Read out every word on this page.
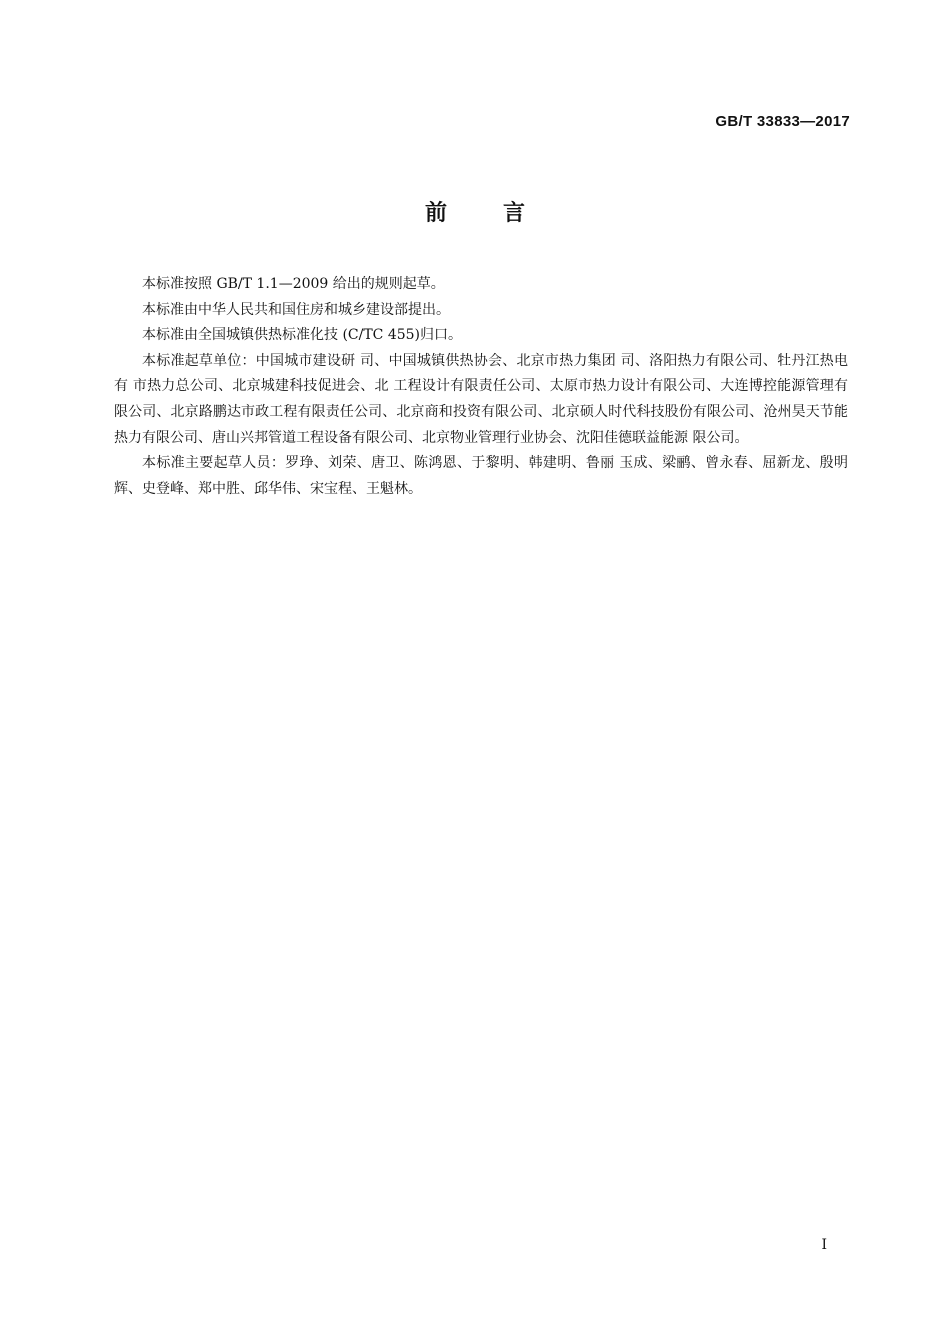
GB/T 33833—2017
前言

本标准按照 GB/T 1.1—2009 给出的规则起草。

本标准由中华人民共和国住房和城乡建设部提出。

本标准由全国城镇供热标准化技 (C/TC 455)归口。

本标准起草单位：中国城市建设研 司、中国城镇供热协会、北京市热力集团 司、洛阳热力有限公司、牡丹江热电有 市热力总公司、北京城建科技促进会、北 工程设计有限责任公司、太原市热力设计有限公司、大连博控能源管理有限公司、北京路鹏达市政工程有限责任公司、北京商和投资有限公司、北京硕人时代科技股份有限公司、沧州昊天节能热力有限公司、唐山兴邦管道工程设备有限公司、北京物业管理行业协会、沈阳佳德联益能源 限公司。

本标准主要起草人员：罗琤、刘荣、唐卫、陈鸿恩、于黎明、韩建明、鲁丽 玉成、梁鹂、曾永春、屈新龙、殷明辉、史登峰、郑中胜、邱华伟、宋宝程、王魁林。

I
